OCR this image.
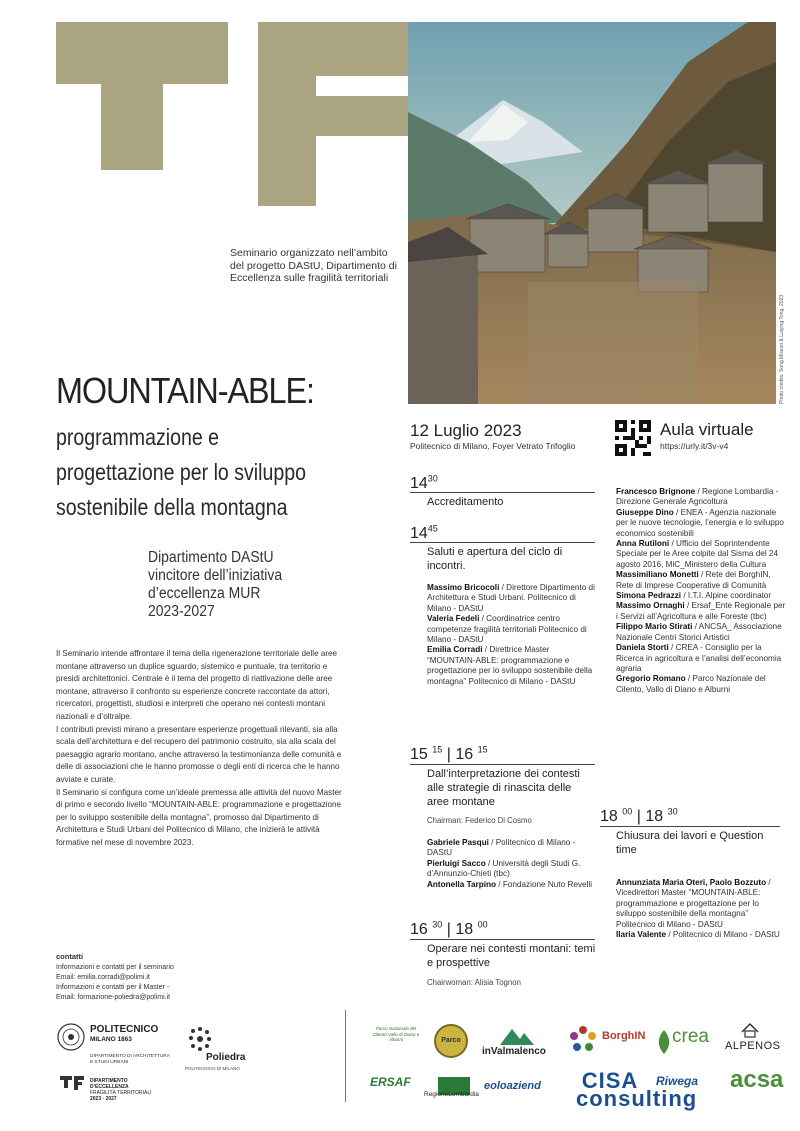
Photo credits: Song Miseon & Luiying Tong, 2023
Seminario organizzato nell’ambito del progetto DAStU, Dipartimento di Eccellenza sulle fragilità territoriali
MOUNTAIN-ABLE:
programmazione e
progettazione per lo sviluppo
sostenibile della montagna
Dipartimento DAStU
vincitore dell’iniziativa
d’eccellenza MUR
2023-2027

Il Seminario intende affrontare il tema della rigenerazione territoriale delle aree montane attraverso un duplice sguardo, sistemico e puntuale, tra territorio e presidi architettonici. Centrale è il tema del progetto di riattivazione delle aree montane, attraverso il confronto su esperienze concrete raccontate da attori, ricercatori, progettisti, studiosi e interpreti che operano nei contesti montani nazionali e d’oltralpe.

I contributi previsti mirano a presentare esperienze progettuali rilevanti, sia alla scala dell’architettura e del recupero del patrimonio costruito, sia alla scala del paesaggio agrario montano, anche attraverso la testimonianza delle comunità e delle di associazioni che le hanno promosse o degli enti di ricerca che le hanno avviate e curate.

Il Seminario si configura come un’ideale premessa alle attività del nuovo Master di primo e secondo livello “MOUNTAIN-ABLE: programmazione e progettazione per lo sviluppo sostenibile della montagna”, promosso dal Dipartimento di Architettura e Studi Urbani del Politecnico di Milano, che inizierà le attività formative nel mese di novembre 2023.

contatti
Informazioni e contatti per il seminario
Email: emilia.corradi@polimi.it
Informazioni e contatti per il Master -
Email: formazione-poliedra@polimi.it
12 Luglio 2023
Politecnico di Milano, Foyer Vetrato Trifoglio
Aula virtuale
https://urly.it/3v-v4
$14^{30}$
Accreditamento
$14^{45}$
Saluti e apertura del ciclo di incontri.
Massimo Bricocoli / Direttore Dipartimento di Architettura e Studi Urbani. Politecnico di Milano - DAStU
Valeria Fedeli / Coordinatrice centro competenze fragilità territoriali Politecnico di Milano - DAStU
Emilia Corradi / Direttrice Master “MOUNTAIN-ABLE: programmazione e progettazione per lo sviluppo sostenibile della montagna” Politecnico di Milano - DAStU
15 $^{15}$ | 16 $^{15}$
Dall’interpretazione dei contesti alle strategie di rinascita delle aree montane
Chairman: Federico Di Cosmo
Gabriele Pasqui / Politecnico di Milano - DAStU
Pierluigi Sacco / Università degli Studi G. d’Annunzio-Chieti (tbc)
Antonella Tarpino / Fondazione Nuto Revelli
16 $^{30}$ | 18 $^{00}$
Operare nei contesti montani: temi e prospettive
Chairwoman: Alisia Tognon
Francesco Brignone / Regione Lombardia - Direzione Generale Agricoltura
Giuseppe Dino / ENEA - Agenzia nazionale per le nuove tecnologie, l’energia e lo sviluppo economico sostenibili
Anna Rutiloni / Ufficio del Soprintendente Speciale per le Aree colpite dal Sisma del 24 agosto 2016, MiC_Ministero della Cultura
Massimiliano Monetti / Rete dei BorghIN, Rete di Imprese Cooperative di Comunità
Simona Pedrazzi / I.T.I. Alpine coordinator
Massimo Ornaghi / Ersaf_Ente Regionale per i Servizi all’Agricoltura e alle Foreste (tbc)
Filippo Mario Stirati / ANCSA_ Associazione Nazionale Centri Storici Artistici
Daniela Storti / CREA - Consiglio per la Ricerca in agricoltura e l’analisi dell’economia agraria
Gregorio Romano / Parco Nazionale del Cilento, Vallo di Diano e Alburni
18 $^{00}$ | 18 $^{30}$
Chiusura dei lavori e Question time
Annunziata Maria Oteri, Paolo Bozzuto / Vicedirettori Master “MOUNTAIN-ABLE: programmazione e progettazione per lo sviluppo sostenibile della montagna” Politecnico di Milano - DAStU
Ilaria Valente / Politecnico di Milano - DAStU
POLITECNICO
MILANO 1863
DIPARTIMENTO DI ARCHITETTURA E STUDI URBANI	Poliedra
POLITECNICO DI MILANO
DIPARTIMENTO
D’ECCELLENZA
FRAGILITÀ TERRITORIALI
2023 · 2027
Parco Nazionale del Cilento Vallo di Diano e Alburni	Parco
inValmalenco
BorghIN crea ALPENOS
ERSAF
RegioneLombardia
eoloaziend CISA consulting
Riwega acsa
